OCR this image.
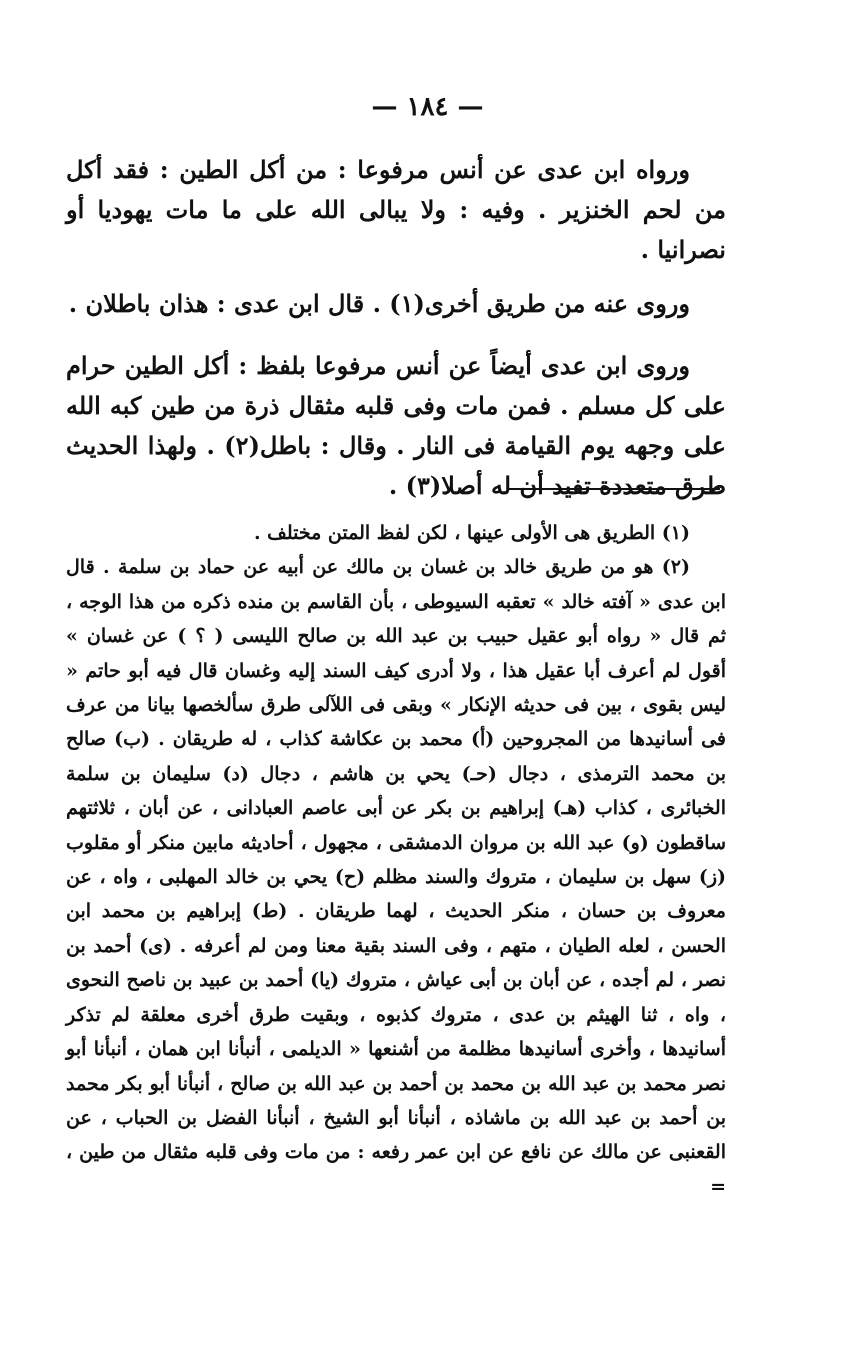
— ١٨٤ —

ورواه ابن عدى عن أنس مرفوعا : من أكل الطين : فقد أكل من لحم الخنزير . وفيه : ولا يبالى الله على ما مات يهوديا أو نصرانيا .

وروى عنه من طريق أخرى(١) . قال ابن عدى : هذان باطلان .

وروى ابن عدى أيضاً عن أنس مرفوعا بلفظ : أكل الطين حرام على كل مسلم . فمن مات وفى قلبه مثقال ذرة من طين كبه الله على وجهه يوم القيامة فى النار . وقال : باطل(٢) . ولهذا الحديث طرق متعددة تفيد أن له أصلا(٣) .

(١) الطريق هى الأولى عينها ، لكن لفظ المتن مختلف .

(٢) هو من طريق خالد بن غسان بن مالك عن أبيه عن حماد بن سلمة . قال ابن عدى « آفته خالد » تعقبه السيوطى ، بأن القاسم بن منده ذكره من هذا الوجه ، ثم قال « رواه أبو عقيل حبيب بن عبد الله بن صالح الليسى ( ؟ ) عن غسان » أقول لم أعرف أبا عقيل هذا ، ولا أدرى كيف السند إليه وغسان قال فيه أبو حاتم « ليس بقوى ، بين فى حديثه الإنكار » وبقى فى اللآلى طرق سألخصها بيانا من عرف فى أسانيدها من المجروحين (أ) محمد بن عكاشة كذاب ، له طريقان . (ب) صالح بن محمد الترمذى ، دجال (حـ) يحي بن هاشم ، دجال (د) سليمان بن سلمة الخبائرى ، كذاب (هـ) إبراهيم بن بكر عن أبى عاصم العبادانى ، عن أبان ، ثلاثتهم ساقطون (و) عبد الله بن مروان الدمشقى ، مجهول ، أحاديثه مابين منكر أو مقلوب (ز) سهل بن سليمان ، متروك والسند مظلم (ح) يحي بن خالد المهلبى ، واه ، عن معروف بن حسان ، منكر الحديث ، لهما طريقان . (ط) إبراهيم بن محمد ابن الحسن ، لعله الطيان ، متهم ، وفى السند بقية معنا ومن لم أعرفه . (ى) أحمد بن نصر ، لم أجده ، عن أبان بن أبى عياش ، متروك (يا) أحمد بن عبيد بن ناصح النحوى ، واه ، ثنا الهيثم بن عدى ، متروك كذبوه ، وبقيت طرق أخرى معلقة لم تذكر أسانيدها ، وأخرى أسانيدها مظلمة من أشنعها « الديلمى ، أنبأنا ابن همان ، أنبأنا أبو نصر محمد بن عبد الله بن محمد بن أحمد بن عبد الله بن صالح ، أنبأنا أبو بكر محمد بن أحمد بن عبد الله بن ماشاذه ، أنبأنا أبو الشيخ ، أنبأنا الفضل بن الحباب ، عن القعنبى عن مالك عن نافع عن ابن عمر رفعه : من مات وفى قلبه مثقال من طين ، =
